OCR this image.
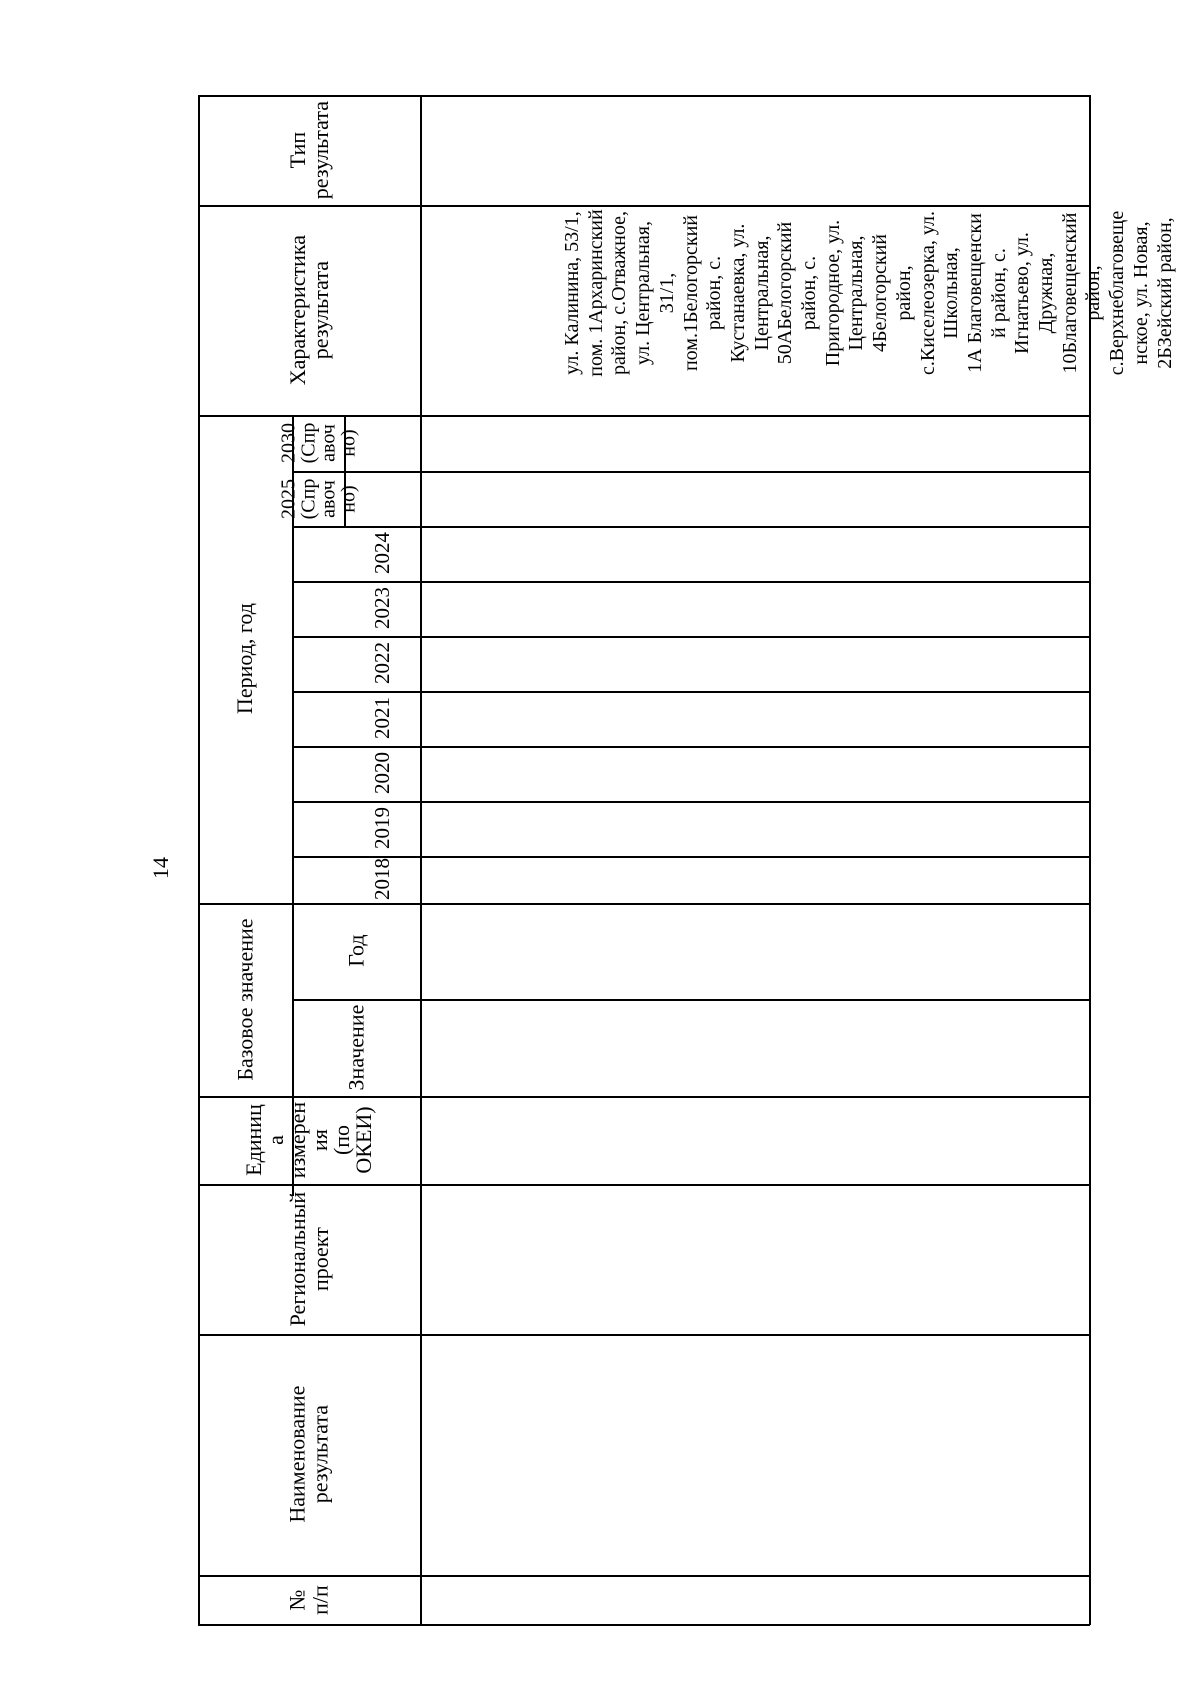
14
Тип
результата
Характеристика
результата
Период, год
2030
(Спр
авоч
но)
2025
(Спр
авоч
но)
2024
2023
2022
2021
2020
2019
2018
Базовое значение	Год
Значение
Единиц
а
измерен
ия
(по
ОКЕИ)
Региональный
проект
Наименование
результата
№
п/п
ул. Калинина, 53/1,
пом. 1Архаринский
район, с.Отважное,
ул. Центральная,
31/1,
пом.1Белогорский
район, с.
Кустанаевка, ул.
Центральная,
50АБелогорский
район, с.
Пригородное, ул.
Центральная,
4Белогорский
район,
с.Киселеозерка, ул.
Школьная,
1А Благовещенски
й район, с.
Игнатьево, ул.
Дружная,
10Благовещенский
район,
с.Верхнеблаговеще
нское, ул. Новая,
2БЗейский район,
